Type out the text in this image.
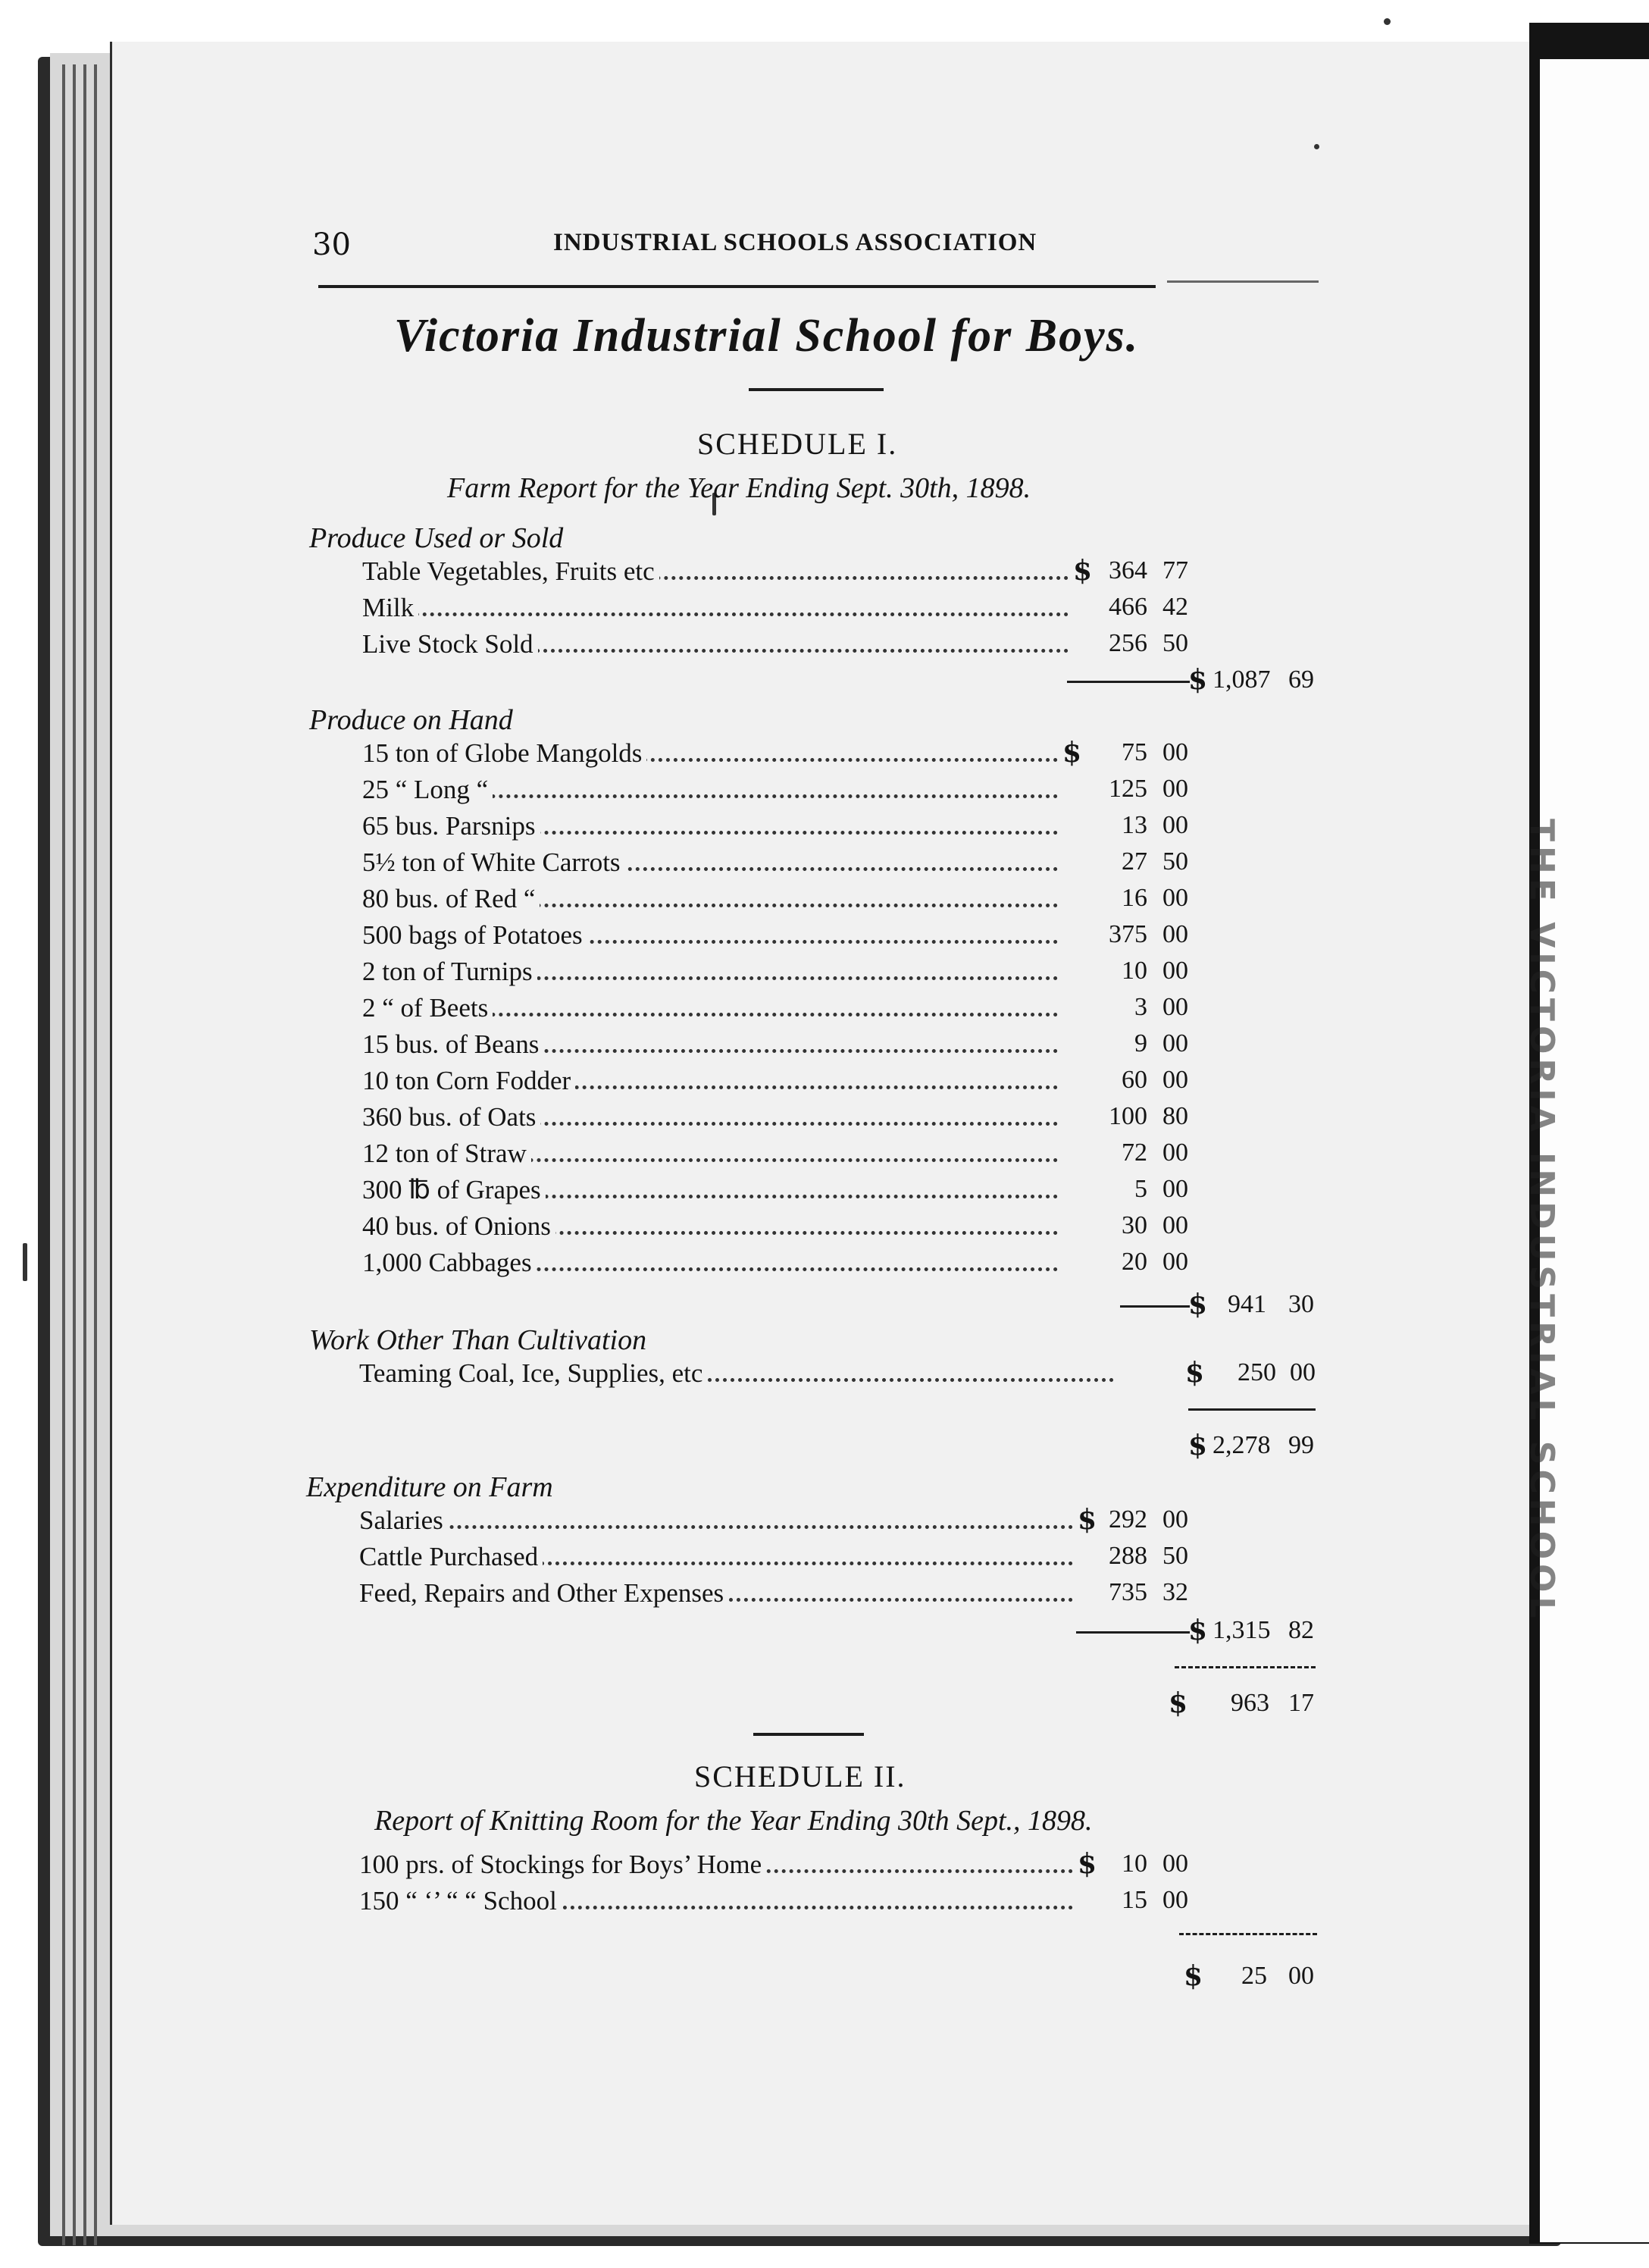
THE VICTORIA INDUSTRIAL SCHOOL
30	INDUSTRIAL SCHOOLS ASSOCIATION
Victoria Industrial School for Boys.
SCHEDULE I.
Farm Report for the Year Ending Sept. 30th, 1898.
Produce Used or Sold
Table Vegetables, Fruits etc	$ 364 77
Milk	466 42
Live Stock Sold	256 50
$ 1,087 69
Produce on Hand
15 ton of Globe Mangolds	$ 75 00
25 “ Long “	125 00
65 bus. Parsnips	13 00
5½ ton of White Carrots	27 50
80 bus. of Red “	16 00
500 bags of Potatoes	375 00
2 ton of Turnips	10 00
2 “ of Beets	3 00
15 bus. of Beans	9 00
10 ton Corn Fodder	60 00
360 bus. of Oats	100 80
12 ton of Straw	72 00
300 ℔ of Grapes	5 00
40 bus. of Onions	30 00
1,000 Cabbages	20 00
$ 941 30
Work Other Than Cultivation
Teaming Coal, Ice, Supplies, etc	250 00
$
$ 2,278 99
Expenditure on Farm
Salaries	$ 292 00
Cattle Purchased	288 50
Feed, Repairs and Other Expenses	735 32
$ 1,315 82
$ 963 17
SCHEDULE II.
Report of Knitting Room for the Year Ending 30th Sept., 1898.
100 prs. of Stockings for Boys’ Home	$ 10 00
150 “ ‘’ “ “ School	15 00
$ 25 00
